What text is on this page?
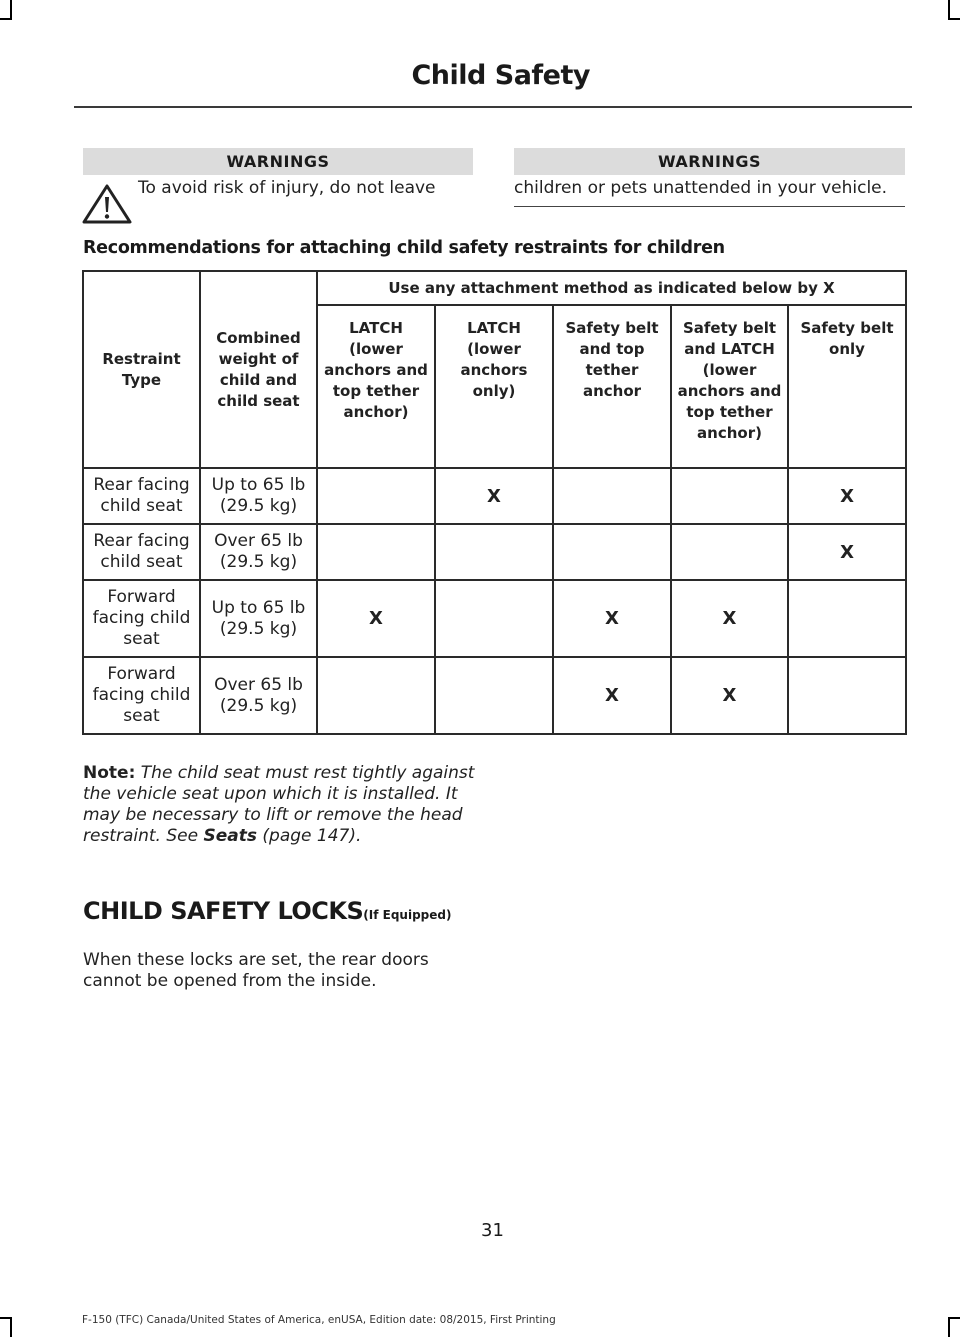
Child Safety
WARNINGS	WARNINGS
To avoid risk of injury, do not leave	children or pets unattended in your vehicle.
Recommendations for attaching child safety restraints for children
Restraint Type	Combined weight of child and child seat	Use any attachment method as indicated below by X				
		LATCH (lower anchors and top tether anchor)	LATCH (lower anchors only)	Safety belt and top tether anchor	Safety belt and LATCH (lower anchors and top tether anchor)	Safety belt only
Rear facing child seat	Up to 65 lb (29.5 kg)		X			X
Rear facing child seat	Over 65 lb (29.5 kg)					X
Forward facing child seat	Up to 65 lb (29.5 kg)	X		X	X	
Forward facing child seat	Over 65 lb (29.5 kg)			X	X	
Note: The child seat must rest tightly against the vehicle seat upon which it is installed. It may be necessary to lift or remove the head restraint. See Seats (page 147).
CHILD SAFETY LOCKS(If Equipped)
When these locks are set, the rear doors cannot be opened from the inside.
31
F-150 (TFC) Canada/United States of America, enUSA, Edition date: 08/2015, First Printing
